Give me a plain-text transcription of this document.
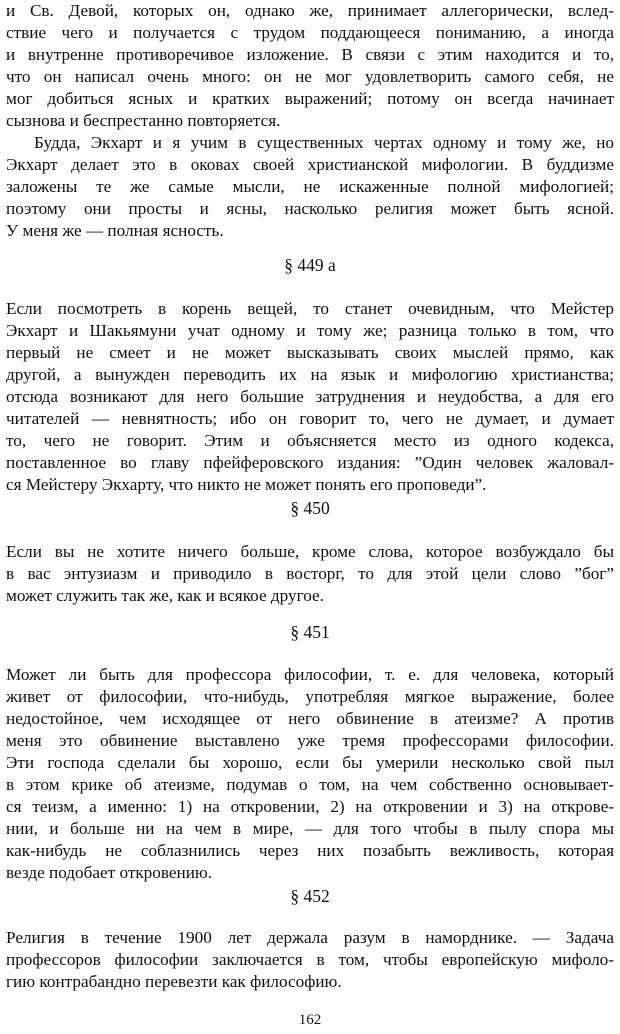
и Св. Девой, которых он, однако же, принимает аллегорически, вслед-
ствие чего и получается с трудом поддающееся пониманию, а иногда
и внутренне противоречивое изложение. В связи с этим находится и то,
что он написал очень много: он не мог удовлетворить самого себя, не
мог добиться ясных и кратких выражений; потому он всегда начинает
сызнова и беспрестанно повторяется.
Будда, Экхарт и я учим в существенных чертах одному и тому же, но
Экхарт делает это в оковах своей христианской мифологии. В буддизме
заложены те же самые мысли, не искаженные полной мифологией;
поэтому они просты и ясны, насколько религия может быть ясной.
У меня же — полная ясность.
§ 449 а
Если посмотреть в корень вещей, то станет очевидным, что Мейстер
Экхарт и Шакьямуни учат одному и тому же; разница только в том, что
первый не смеет и не может высказывать своих мыслей прямо, как
другой, а вынужден переводить их на язык и мифологию христианства;
отсюда возникают для него большие затруднения и неудобства, а для его
читателей — невнятность; ибо он говорит то, чего не думает, и думает
то, чего не говорит. Этим и объясняется место из одного кодекса,
поставленное во главу пфейферовского издания: ”Один человек жаловал-
ся Мейстеру Экхарту, что никто не может понять его проповеди”.
§ 450
Если вы не хотите ничего больше, кроме слова, которое возбуждало бы
в вас энтузиазм и приводило в восторг, то для этой цели слово ”бог”
может служить так же, как и всякое другое.
§ 451
Может ли быть для профессора философии, т. е. для человека, который
живет от философии, что-нибудь, употребляя мягкое выражение, более
недостойное, чем исходящее от него обвинение в атеизме? А против
меня это обвинение выставлено уже тремя профессорами философии.
Эти господа сделали бы хорошо, если бы умерили несколько свой пыл
в этом крике об атеизме, подумав о том, на чем собственно основывает-
ся теизм, а именно: 1) на откровении, 2) на откровении и 3) на открове-
нии, и больше ни на чем в мире, — для того чтобы в пылу спора мы
как-нибудь не соблазнились через них позабыть вежливость, которая
везде подобает откровению.
§ 452
Религия в течение 1900 лет держала разум в наморднике. — Задача
профессоров философии заключается в том, чтобы европейскую мифоло-
гию контрабандно перевезти как философию.
162
